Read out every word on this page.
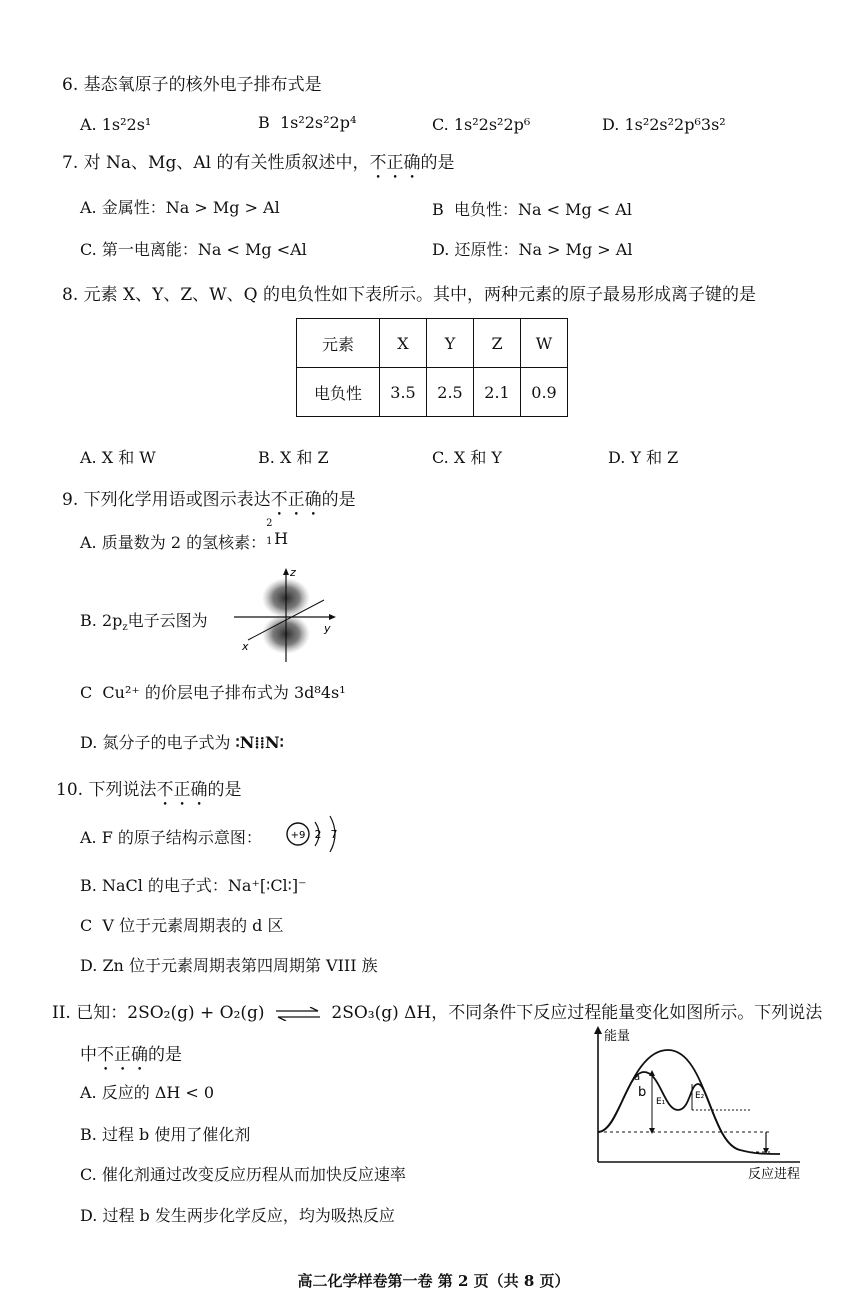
6. 基态氧原子的核外电子排布式是
A. 1s²2s¹	B 1s²2s²2p⁴	C. 1s²2s²2p⁶	D. 1s²2s²2p⁶3s²
7. 对 Na、Mg、Al 的有关性质叙述中，不正确的是
A. 金属性：Na > Mg > Al	B 电负性：Na < Mg < Al
C. 第一电离能：Na < Mg <Al	D. 还原性：Na > Mg > Al
8. 元素 X、Y、Z、W、Q 的电负性如下表所示。其中，两种元素的原子最易形成离子键的是
元素	X	Y	Z	W
电负性	3.5	2.5	2.1	0.9
A. X 和 W	B. X 和 Z	C. X 和 Y	D. Y 和 Z
9. 下列化学用语或图示表达不正确的是
A. 质量数为 2 的氢核素：
2
1 H
B. $2p_z$电子云图为
z
y
x
C Cu²⁺ 的价层电子排布式为 3d⁸4s¹
D. 氮分子的电子式为 ∶N⁞⁞N∶
10. 下列说法不正确的是
A. F 的原子结构示意图：	+9 2 7
B. NaCl 的电子式：Na⁺[∶Cl∶]⁻
C V 位于元素周期表的 d 区
D. Zn 位于元素周期表第四周期第 VIII 族
II. 已知：2SO₂(g) + O₂(g) ⇌ 2SO₃(g) ΔH，不同条件下反应过程能量变化如图所示。下列说法
中不正确的是
A. 反应的 ΔH < 0
B. 过程 b 使用了催化剂
C. 催化剂通过改变反应历程从而加快反应速率
D. 过程 b 发生两步化学反应，均为吸热反应
能量
反应进程
a
b
E₁
E₂
高二化学样卷第一卷 第 2 页（共 8 页）
